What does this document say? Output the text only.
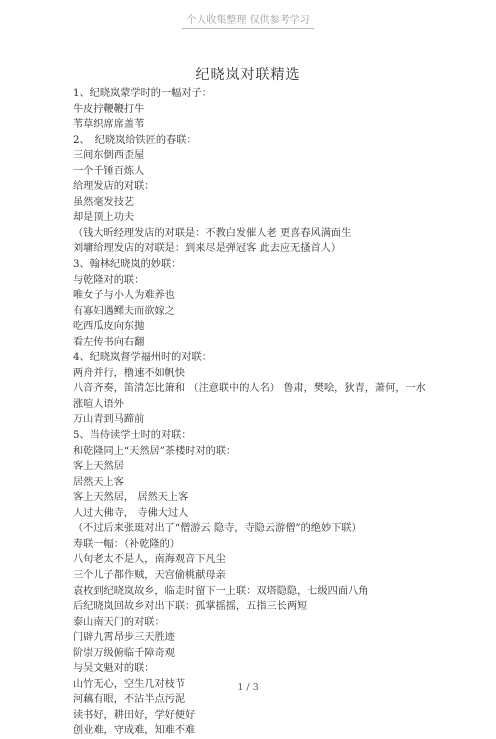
个人收集整理 仅供参考学习
纪晓岚对联精选
1、纪晓岚蒙学时的一幅对子：
牛皮拧鞭鞭打牛
苇草织席席盖苇
2、　纪晓岚给铁匠的春联：
三间东倒西歪屋
一个千锤百炼人
给理发店的对联：
虽然毫发技艺
却是顶上功夫
（钱大昕经理发店的对联是：不教白发催人老 更喜春风满面生
刘墉给理发店的对联是：到来尽是弹冠客 此去应无搔首人）
3、翰林纪晓岚的妙联：
与乾隆对的联：
唯女子与小人为难养也
有寡妇遇鳏夫而欲嫁之
吃西瓜皮向东抛
看左传书向右翻
4、纪晓岚督学福州时的对联：
两舟并行，橹速不如帆快
八音齐奏，笛清怎比箫和 （注意联中的人名） 鲁肃，樊哙，狄青，萧何，一水涨喧人语外
万山青到马蹄前
5、当侍读学士时的对联：
和乾隆同上“天然居”茶楼时对的联：
客上天然居
居然天上客
客上天然居， 居然天上客
人过大佛寺， 寺佛大过人
（不过后来张珽对出了“僧游云 隐寺，寺隐云游僧”的绝妙下联）
寿联一幅：（补乾隆的）
八旬老太不是人，南海观音下凡尘
三个儿子都作贼，天宫偷桃献母亲
袁枚到纪晓岚故乡，临走时留下一上联：双塔隐隐，七级四面八角
后纪晓岚回故乡对出下联：孤掌摇摇，五指三长两短
泰山南天门的对联：
门辟九霄昂步三天胜迹
阶崇万级俯临千障奇观
与吴文魁对的联：
山竹无心，空生几对枝节
河藕有眼，不沾半点污泥
读书好，耕田好，学好便好
创业难，守成难，知难不难
1 / 3
